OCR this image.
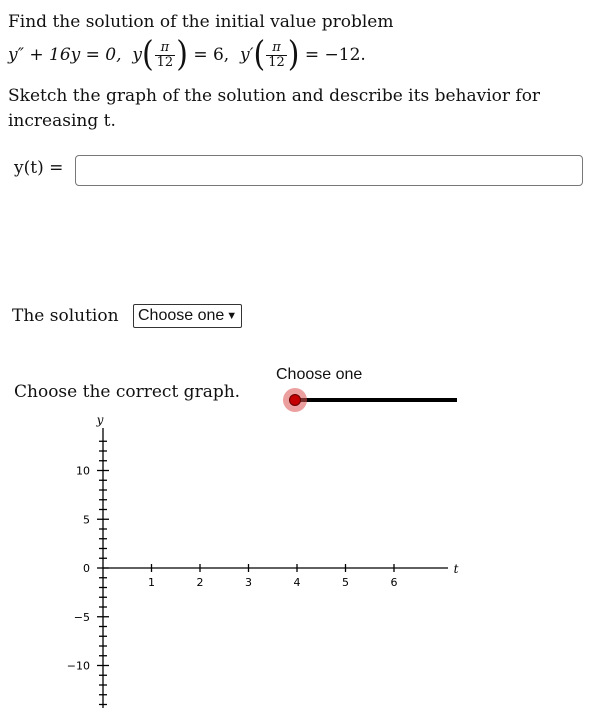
Find the solution of the initial value problem
y″ + 16y = 0,
y ( $\frac{\pi}{12}$ )
= 6,
y′ ( $\frac{\pi}{12}$ )
= −12.
Sketch the graph of the solution and describe its behavior for increasing t.
y(t) =
The solution Choose one ▼
Choose the correct graph.
Choose one
1	2	3	4	5	6
10
5
0
−5
−10
y
t
